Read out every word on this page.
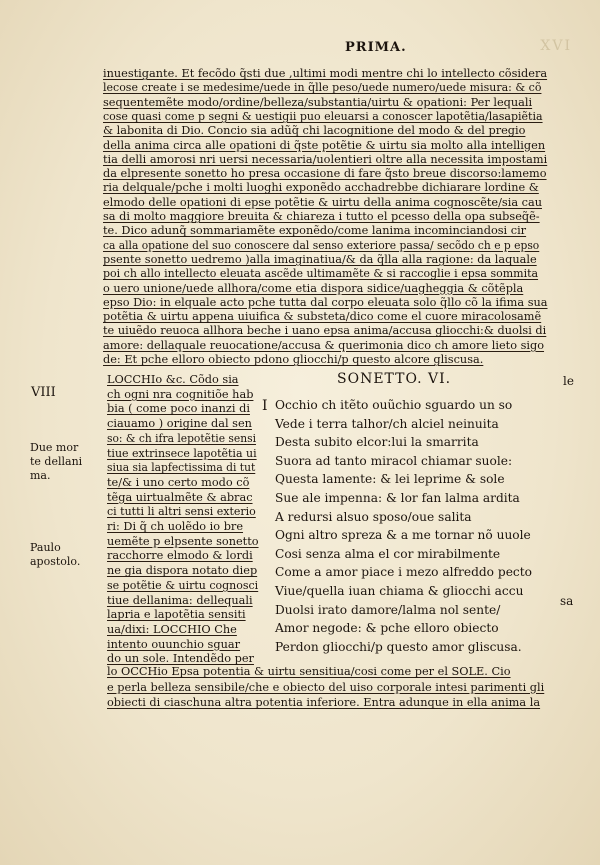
XVI
PRIMA.
inuestigante. Et fecõdo q̃sti due ,ultimi modi mentre chi lo intellecto cõsidera
lecose create i se medesime/uede in q̃lle peso/uede numero/uede misura: & cõ
sequentemẽte modo/ordine/belleza/substantia/uirtu & opationi: Per lequali
cose quasi come p segni & uestigii puo eleuarsi a conoscer lapotẽtia/lasapiẽtia
& labonita di Dio. Concio sia adũq̃ chi lacognitione del modo & del pregio
della anima circa alle opationi di q̃ste potẽtie & uirtu sia molto alla intelligen
tia delli amorosi nri uersi necessaria/uolentieri oltre alla necessita impostami
da elpresente sonetto ho presa occasione di fare q̃sto breue discorso:lamemo
ria delquale/pche i molti luoghi exponẽdo acchadrebbe dichiarare lordine &
elmodo delle opationi di epse potẽtie & uirtu della anima cognoscẽte/sia cau
sa di molto maggiore breuita & chiareza i tutto el pcesso della opa subseq̃ẽ-
te. Dico adunq̃ sommariamẽte exponẽdo/come lanima incominciandosi cir
ca alla opatione del suo conoscere dal senso exteriore passa/ secõdo ch e p epso
psente sonetto uedremo )alla imaginatiua/& da q̃lla alla ragione: da laquale
poi ch allo intellecto eleuata ascẽde ultimamẽte & si raccoglie i epsa sommita
o uero unione/uede allhora/come etia dispora sidice/uagheggia & cõtẽpla
epso Dio: in elquale acto pche tutta dal corpo eleuata solo q̃llo cõ la ifima sua
potẽtia & uirtu appena uiuifica & substeta/dico come el cuore miracolosamẽ
te uiuẽdo reuoca allhora beche i uano epsa anima/accusa gliocchi:& duolsi di
amore: dellaquale reuocatione/accusa & querimonia dico ch amore lieto sigo
de: Et pche elloro obiecto pdono gliocchi/p questo alcore gliscusa.
VIII
Due mor
te dellani
ma.
Paulo
apostolo.
LOCCHIo &c. Cõdo sia
ch ogni nra cognitiõe hab
bia ( come poco inanzi di
ciauamo ) origine dal sen
so: & ch ifra lepotẽtie sensi
tiue extrinsece lapotẽtia ui
siua sia lapfectissima di tut
te/& i uno certo modo cõ
tẽga uirtualmẽte & abrac
ci tutti li altri sensi exterio
ri: Di q̃ ch uolẽdo io bre
uemẽte p elpsente sonetto
racchorre elmodo & lordi
ne gia dispora notato diep
se potẽtie & uirtu cognosci
tiue dellanima: dellequali
lapria e lapotẽtia sensiti
ua/dixi: LOCCHIO Che
intento ouunchio sguar
do un sole. Intendẽdo per
SONETTO. VI.	le
I Occhio ch itẽto ouũchio sguardo un so
Vede i terra talhor/ch alciel neinuita
Desta subito elcor:lui la smarrita
Suora ad tanto miracol chiamar suole:
Questa lamente: & lei leprime & sole
Sue ale impenna: & lor fan lalma ardita
A redursi alsuo sposo/oue salita
Ogni altro spreza & a me tornar nõ uuole
Cosi senza alma el cor mirabilmente
Come a amor piace i mezo alfreddo pecto
Viue/quella iuan chiama & gliocchi accu
Duolsi irato damore/lalma nol sente/
Amor negode: & pche elloro obiecto
Perdon gliocchi/p questo amor gliscusa.
sa
lo OCCHio Epsa potentia & uirtu sensitiua/cosi come per el SOLE. Cio
e perla belleza sensibile/che e obiecto del uiso corporale intesi parimenti gli
obiecti di ciaschuna altra potentia inferiore. Entra adunque in ella anima la
